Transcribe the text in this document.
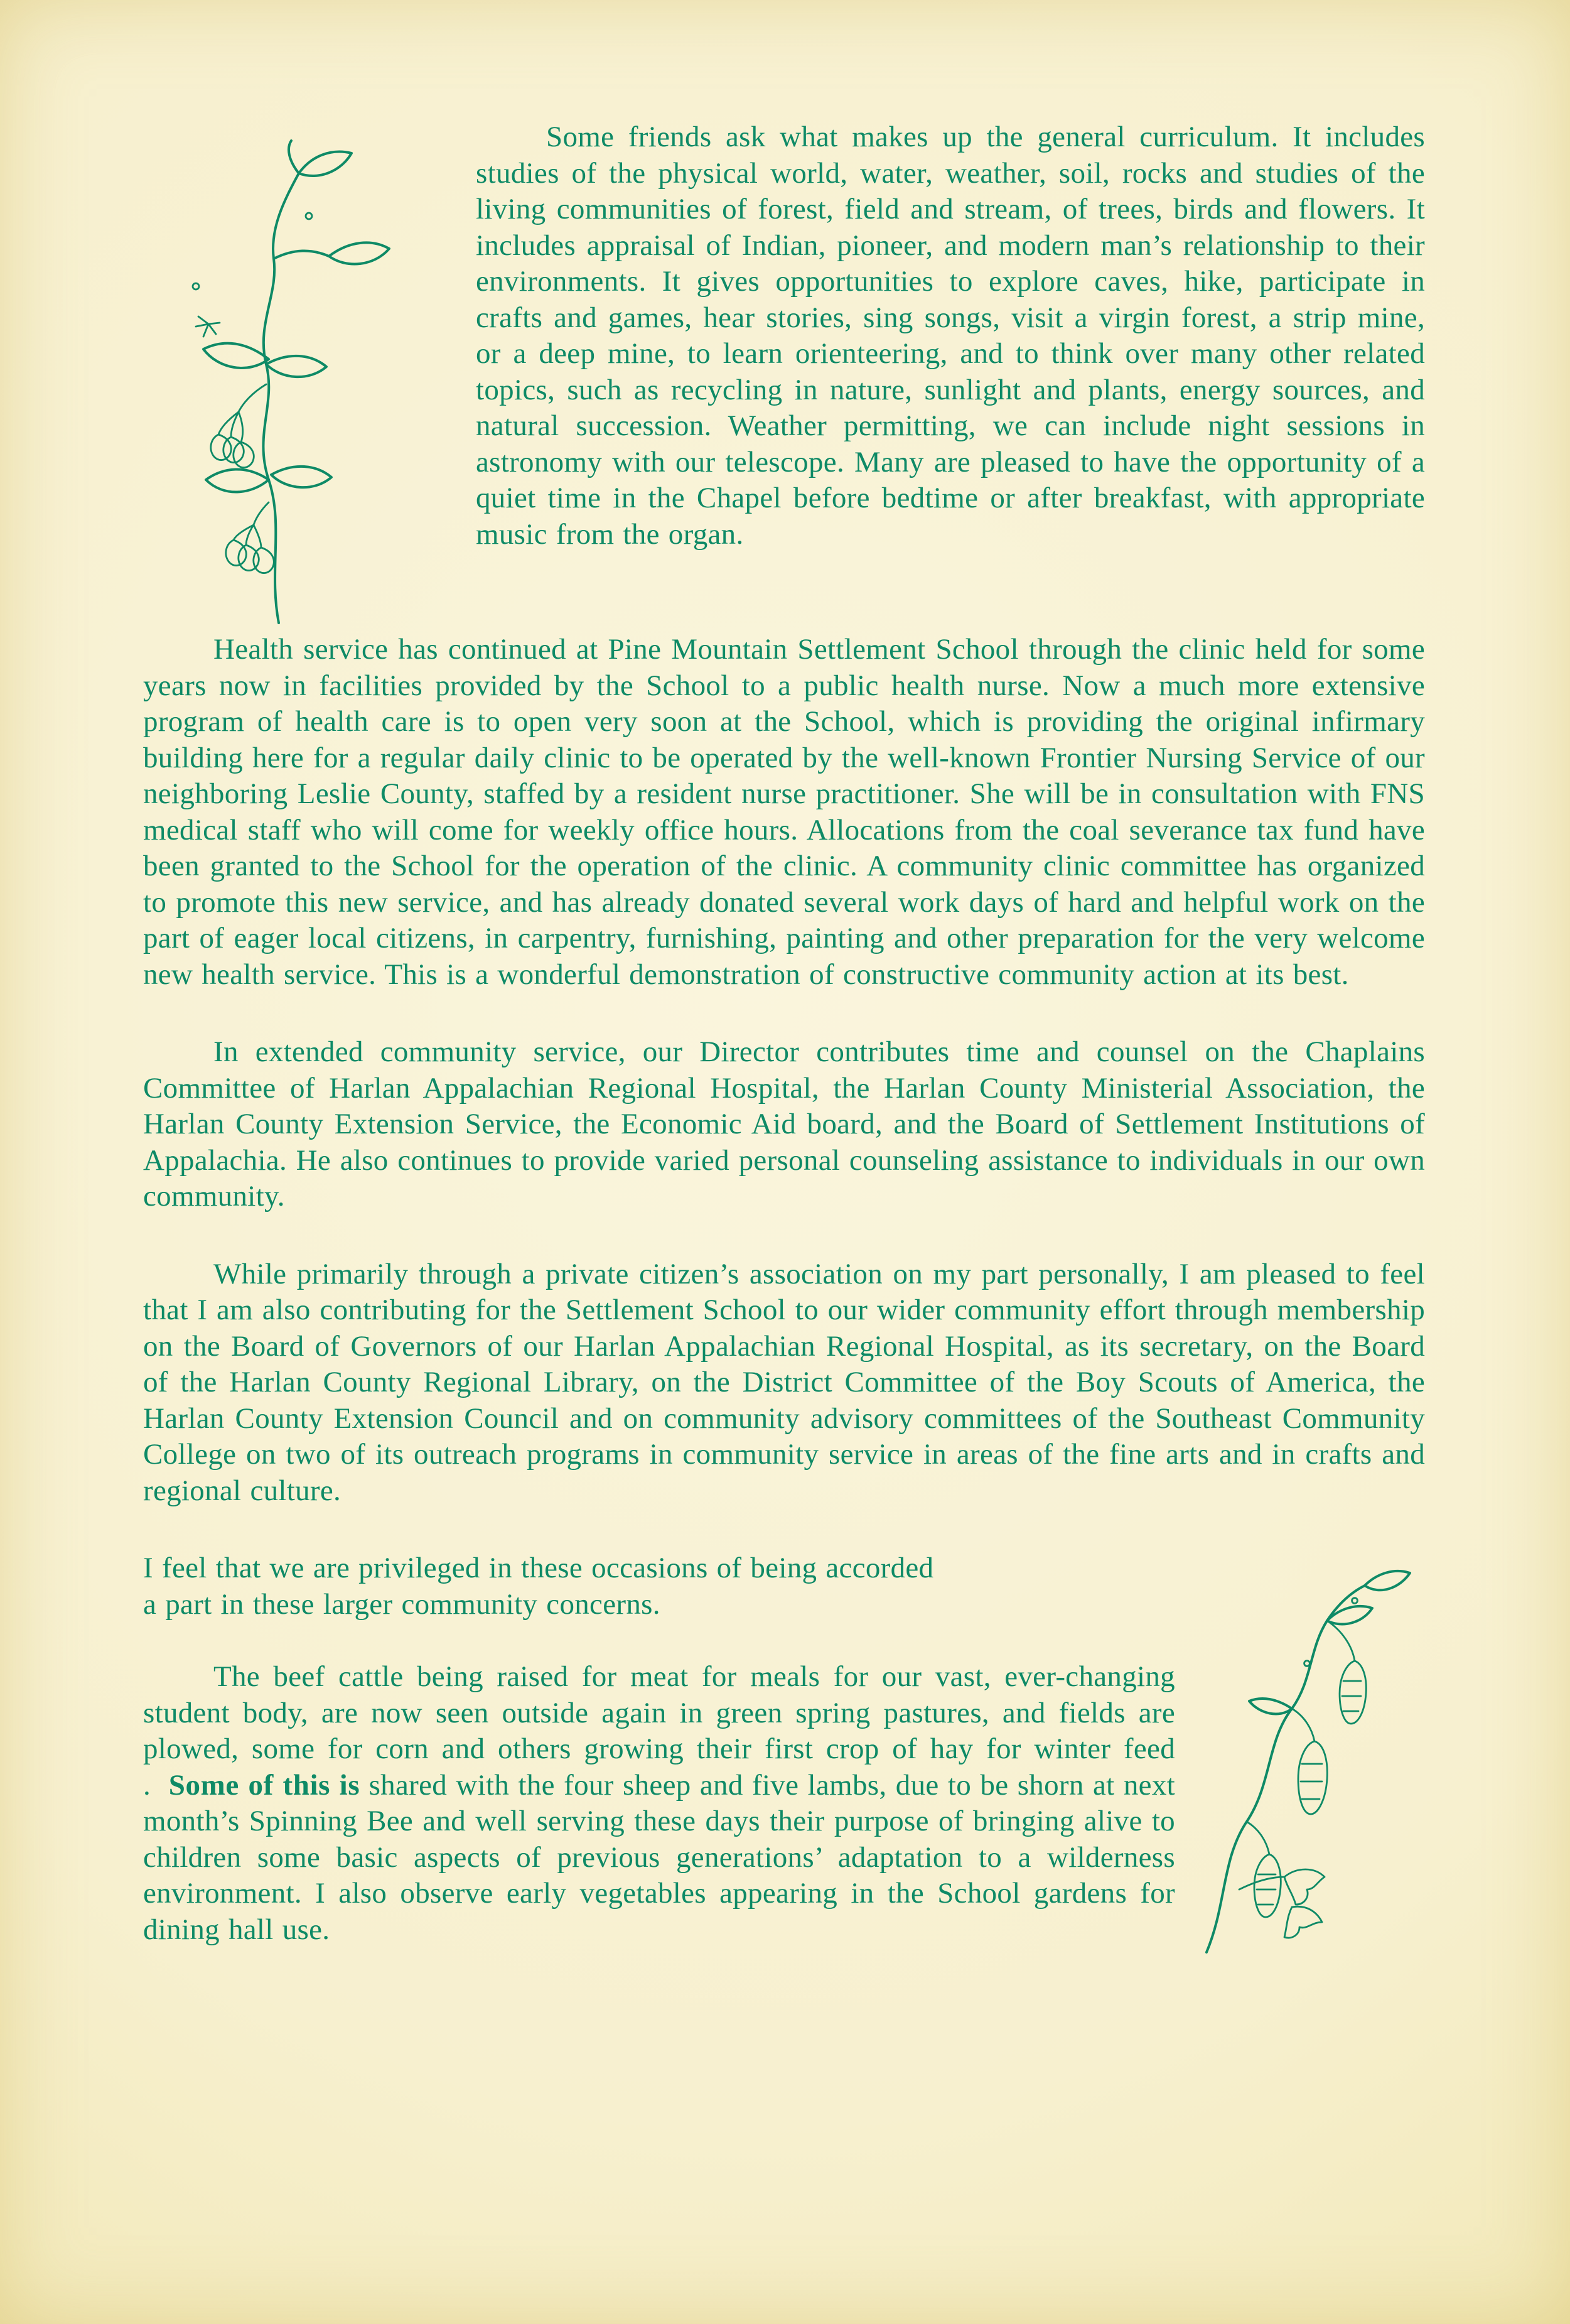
Some friends ask what makes up the general curriculum. It includes studies of the physical world, water, weather, soil, rocks and studies of the living communities of forest, field and stream, of trees, birds and flowers. It includes appraisal of Indian, pioneer, and modern man’s relationship to their environments. It gives opportunities to explore caves, hike, participate in crafts and games, hear stories, sing songs, visit a virgin forest, a strip mine, or a deep mine, to learn orienteering, and to think over many other related topics, such as recycling in nature, sunlight and plants, energy sources, and natural succession. Weather permitting, we can include night sessions in astronomy with our telescope. Many are pleased to have the opportunity of a quiet time in the Chapel before bedtime or after breakfast, with appropriate music from the organ.

Health service has continued at Pine Mountain Settlement School through the clinic held for some years now in facilities provided by the School to a public health nurse. Now a much more extensive program of health care is to open very soon at the School, which is providing the original infirmary building here for a regular daily clinic to be operated by the well-known Frontier Nursing Service of our neighboring Leslie County, staffed by a resident nurse practitioner. She will be in consultation with FNS medical staff who will come for weekly office hours. Allocations from the coal severance tax fund have been granted to the School for the operation of the clinic. A community clinic committee has organized to promote this new service, and has already donated several work days of hard and helpful work on the part of eager local citizens, in carpentry, furnishing, painting and other preparation for the very welcome new health service. This is a wonderful demonstration of constructive community action at its best.

In extended community service, our Director contributes time and counsel on the Chaplains Committee of Harlan Appalachian Regional Hospital, the Harlan County Ministerial Association, the Harlan County Extension Service, the Economic Aid board, and the Board of Settlement Institutions of Appalachia. He also continues to provide varied personal counseling assistance to individuals in our own community.

While primarily through a private citizen’s association on my part personally, I am pleased to feel that I am also contributing for the Settlement School to our wider community effort through membership on the Board of Governors of our Harlan Appalachian Regional Hospital, as its secretary, on the Board of the Harlan County Regional Library, on the District Committee of the Boy Scouts of America, the Harlan County Extension Council and on community advisory committees of the Southeast Community College on two of its outreach programs in community service in areas of the fine arts and in crafts and regional culture.

I feel that we are privileged in these occasions of being accorded
a part in these larger community concerns.

The beef cattle being raised for meat for meals for our vast, ever-changing student body, are now seen outside again in green spring pastures, and fields are plowed, some for corn and others growing their first crop of hay for winter feed .  Some of this is shared with the four sheep and five lambs, due to be shorn at next month’s Spinning Bee and well serving these days their purpose of bringing alive to children some basic aspects of previous generations’ adaptation to a wilderness environment. I also observe early vegetables appearing in the School gardens for dining hall use.
